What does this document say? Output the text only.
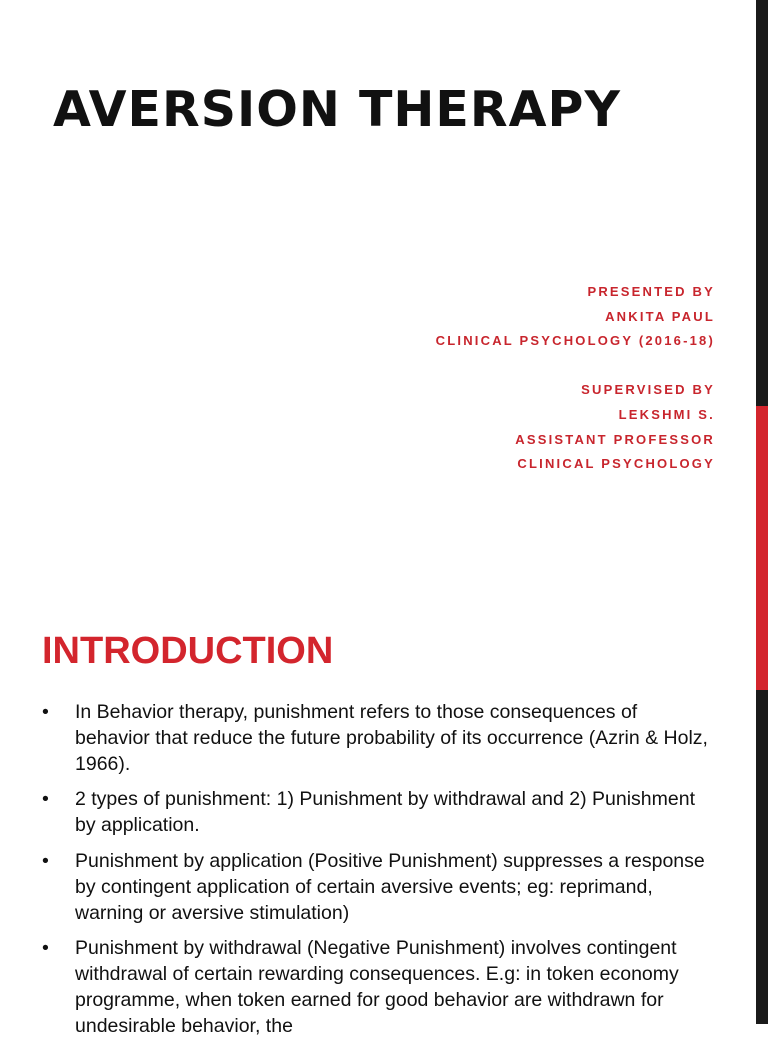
AVERSION THERAPY
PRESENTED BY
ANKITA PAUL
CLINICAL PSYCHOLOGY (2016-18)
SUPERVISED BY
LEKSHMI S.
ASSISTANT PROFESSOR
CLINICAL PSYCHOLOGY
INTRODUCTION
• In Behavior therapy, punishment refers to those consequences of behavior that reduce the future probability of its occurrence (Azrin & Holz, 1966).
• 2 types of punishment: 1) Punishment by withdrawal and 2) Punishment by application.
• Punishment by application (Positive Punishment) suppresses a response by contingent application of certain aversive events; eg: reprimand, warning or aversive stimulation)
• Punishment by withdrawal (Negative Punishment) involves contingent withdrawal of certain rewarding consequences. E.g: in token economy programme, when token earned for good behavior are withdrawn for undesirable behavior, the
